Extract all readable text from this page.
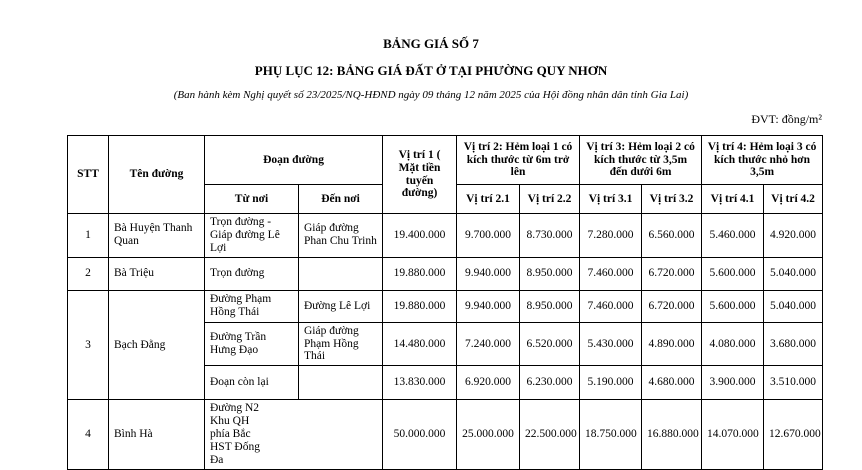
BẢNG GIÁ SỐ 7
PHỤ LỤC 12: BẢNG GIÁ ĐẤT Ở TẠI PHƯỜNG QUY NHƠN
(Ban hành kèm Nghị quyết số 23/2025/NQ-HĐND ngày 09 tháng 12 năm 2025 của Hội đồng nhân dân tỉnh Gia Lai)
ĐVT: đồng/m²
STT	Tên đường	Đoạn đường		Vị trí 1 ( Mặt tiền tuyến đường)	Vị trí 2: Hẻm loại 1 có kích thước từ 6m trở lên		Vị trí 3: Hẻm loại 2 có kích thước từ 3,5m đến dưới 6m		Vị trí 4: Hẻm loại 3 có kích thước nhỏ hơn 3,5m	
		Từ nơi	Đến nơi		Vị trí 2.1	Vị trí 2.2	Vị trí 3.1	Vị trí 3.2	Vị trí 4.1	Vị trí 4.2
1	Bà Huyện Thanh Quan	Trọn đường - Giáp đường Lê Lợi	Giáp đường Phan Chu Trinh	19.400.000	9.700.000	8.730.000	7.280.000	6.560.000	5.460.000	4.920.000
2	Bà Triệu	Trọn đường		19.880.000	9.940.000	8.950.000	7.460.000	6.720.000	5.600.000	5.040.000
3	Bạch Đằng	Đường Phạm Hồng Thái	Đường Lê Lợi	19.880.000	9.940.000	8.950.000	7.460.000	6.720.000	5.600.000	5.040.000
		Đường Trần Hưng Đạo	Giáp đường Phạm Hồng Thái	14.480.000	7.240.000	6.520.000	5.430.000	4.890.000	4.080.000	3.680.000
		Đoạn còn lại		13.830.000	6.920.000	6.230.000	5.190.000	4.680.000	3.900.000	3.510.000
4	Bình Hà	Đường N2 Khu QH phía Bắc HST Đống Đa		50.000.000	25.000.000	22.500.000	18.750.000	16.880.000	14.070.000	12.670.000
